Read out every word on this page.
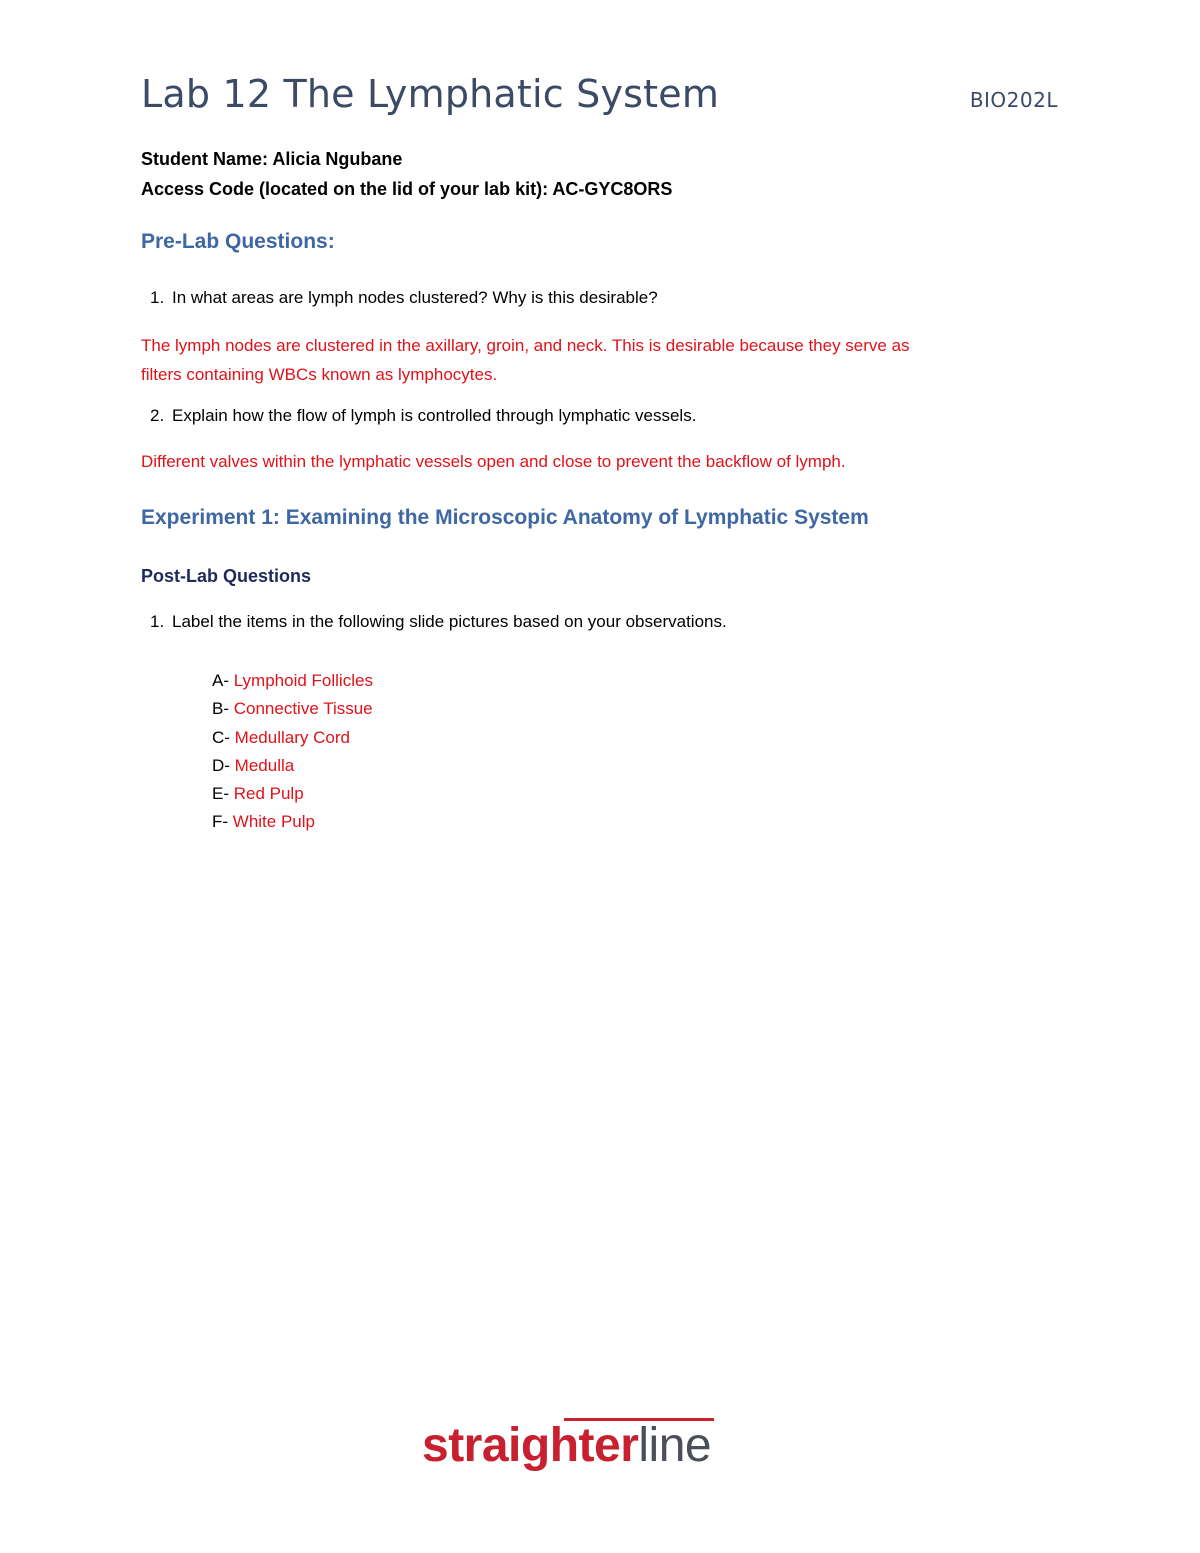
Lab 12 The Lymphatic System	BIO202L
Student Name: Alicia Ngubane
Access Code (located on the lid of your lab kit): AC-GYC8ORS
Pre-Lab Questions:
1. In what areas are lymph nodes clustered? Why is this desirable?
The lymph nodes are clustered in the axillary, groin, and neck. This is desirable because they serve as
filters containing WBCs known as lymphocytes.
2. Explain how the flow of lymph is controlled through lymphatic vessels.
Different valves within the lymphatic vessels open and close to prevent the backflow of lymph.
Experiment 1: Examining the Microscopic Anatomy of Lymphatic System
Post-Lab Questions
1. Label the items in the following slide pictures based on your observations.
A- Lymphoid Follicles
B- Connective Tissue
C- Medullary Cord
D- Medulla
E- Red Pulp
F- White Pulp
straighterline
